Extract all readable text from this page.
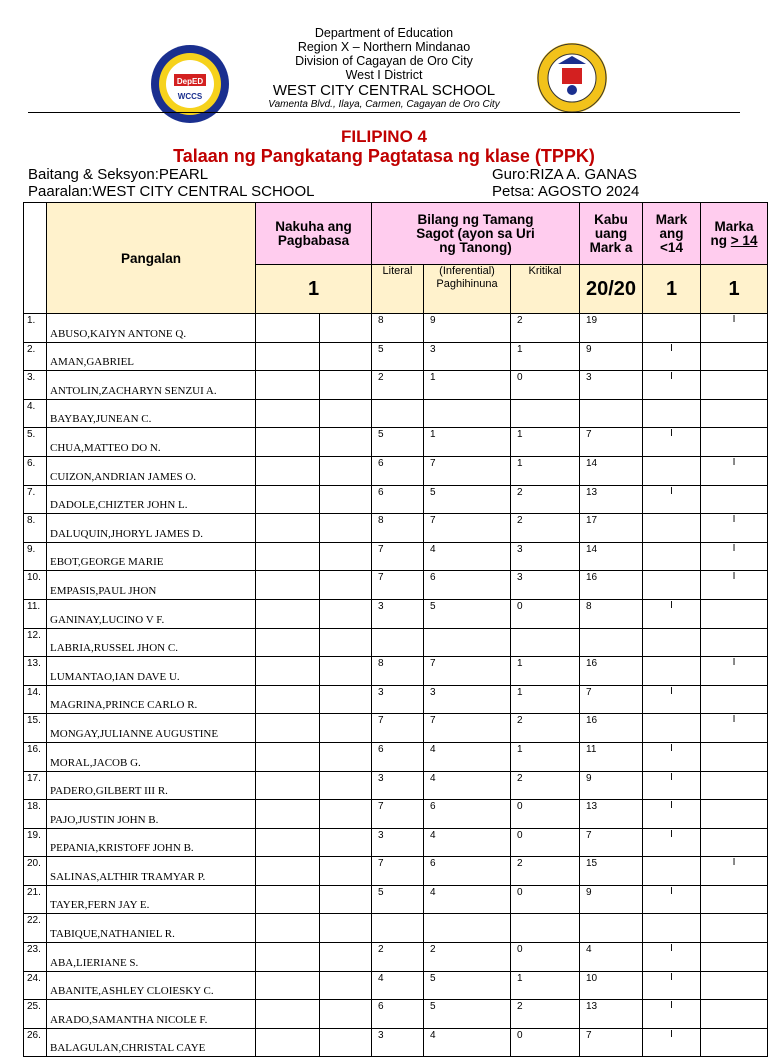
Department of Education
Region X – Northern Mindanao
Division of Cagayan de Oro City
West I District
WEST CITY CENTRAL SCHOOL
Vamenta Blvd., Ilaya, Carmen, Cagayan de Oro City
DepED
WCCS
FILIPINO 4
Talaan ng Pangkatang Pagtatasa ng klase (TPPK)
Baitang & Seksyon:PEARL
Paaralan:WEST CITY CENTRAL SCHOOL
Guro:RIZA A. GANAS
Petsa: AGOSTO 2024
	Pangalan	Nakuha ang Pagbabasa		Bilang ng Tamang Sagot (ayon sa Uri ng Tanong)			Kabu uang Mark a	Mark ang <14	Marka ng > 14

		1		Literal	(Inferential) Paghihinuna	Kritikal	20/20	1	1
1.	ABUSO,KAIYN ANTONE Q.			8	9	2	19		I
2.	AMAN,GABRIEL			5	3	1	9	I	
3.	ANTOLIN,ZACHARYN SENZUI A.			2	1	0	3	I	
4.	BAYBAY,JUNEAN C.								
5.	CHUA,MATTEO DO N.			5	1	1	7	I	
6.	CUIZON,ANDRIAN JAMES O.			6	7	1	14		I
7.	DADOLE,CHIZTER JOHN L.			6	5	2	13	I	
8.	DALUQUIN,JHORYL JAMES D.			8	7	2	17		I
9.	EBOT,GEORGE MARIE			7	4	3	14		I
10.	EMPASIS,PAUL JHON			7	6	3	16		I
11.	GANINAY,LUCINO V F.			3	5	0	8	I	
12.	LABRIA,RUSSEL JHON C.								
13.	LUMANTAO,IAN DAVE U.			8	7	1	16		I
14.	MAGRINA,PRINCE CARLO R.			3	3	1	7	I	
15.	MONGAY,JULIANNE AUGUSTINE			7	7	2	16		I
16.	MORAL,JACOB G.			6	4	1	11	I	
17.	PADERO,GILBERT III R.			3	4	2	9	I	
18.	PAJO,JUSTIN JOHN B.			7	6	0	13	I	
19.	PEPANIA,KRISTOFF JOHN B.			3	4	0	7	I	
20.	SALINAS,ALTHIR TRAMYAR P.			7	6	2	15		I
21.	TAYER,FERN JAY E.			5	4	0	9	I	
22.	TABIQUE,NATHANIEL R.								
23.	ABA,LIERIANE S.			2	2	0	4	I	
24.	ABANITE,ASHLEY CLOIESKY C.			4	5	1	10	I	
25.	ARADO,SAMANTHA NICOLE F.			6	5	2	13	I	
26.	BALAGULAN,CHRISTAL CAYE			3	4	0	7	I	
